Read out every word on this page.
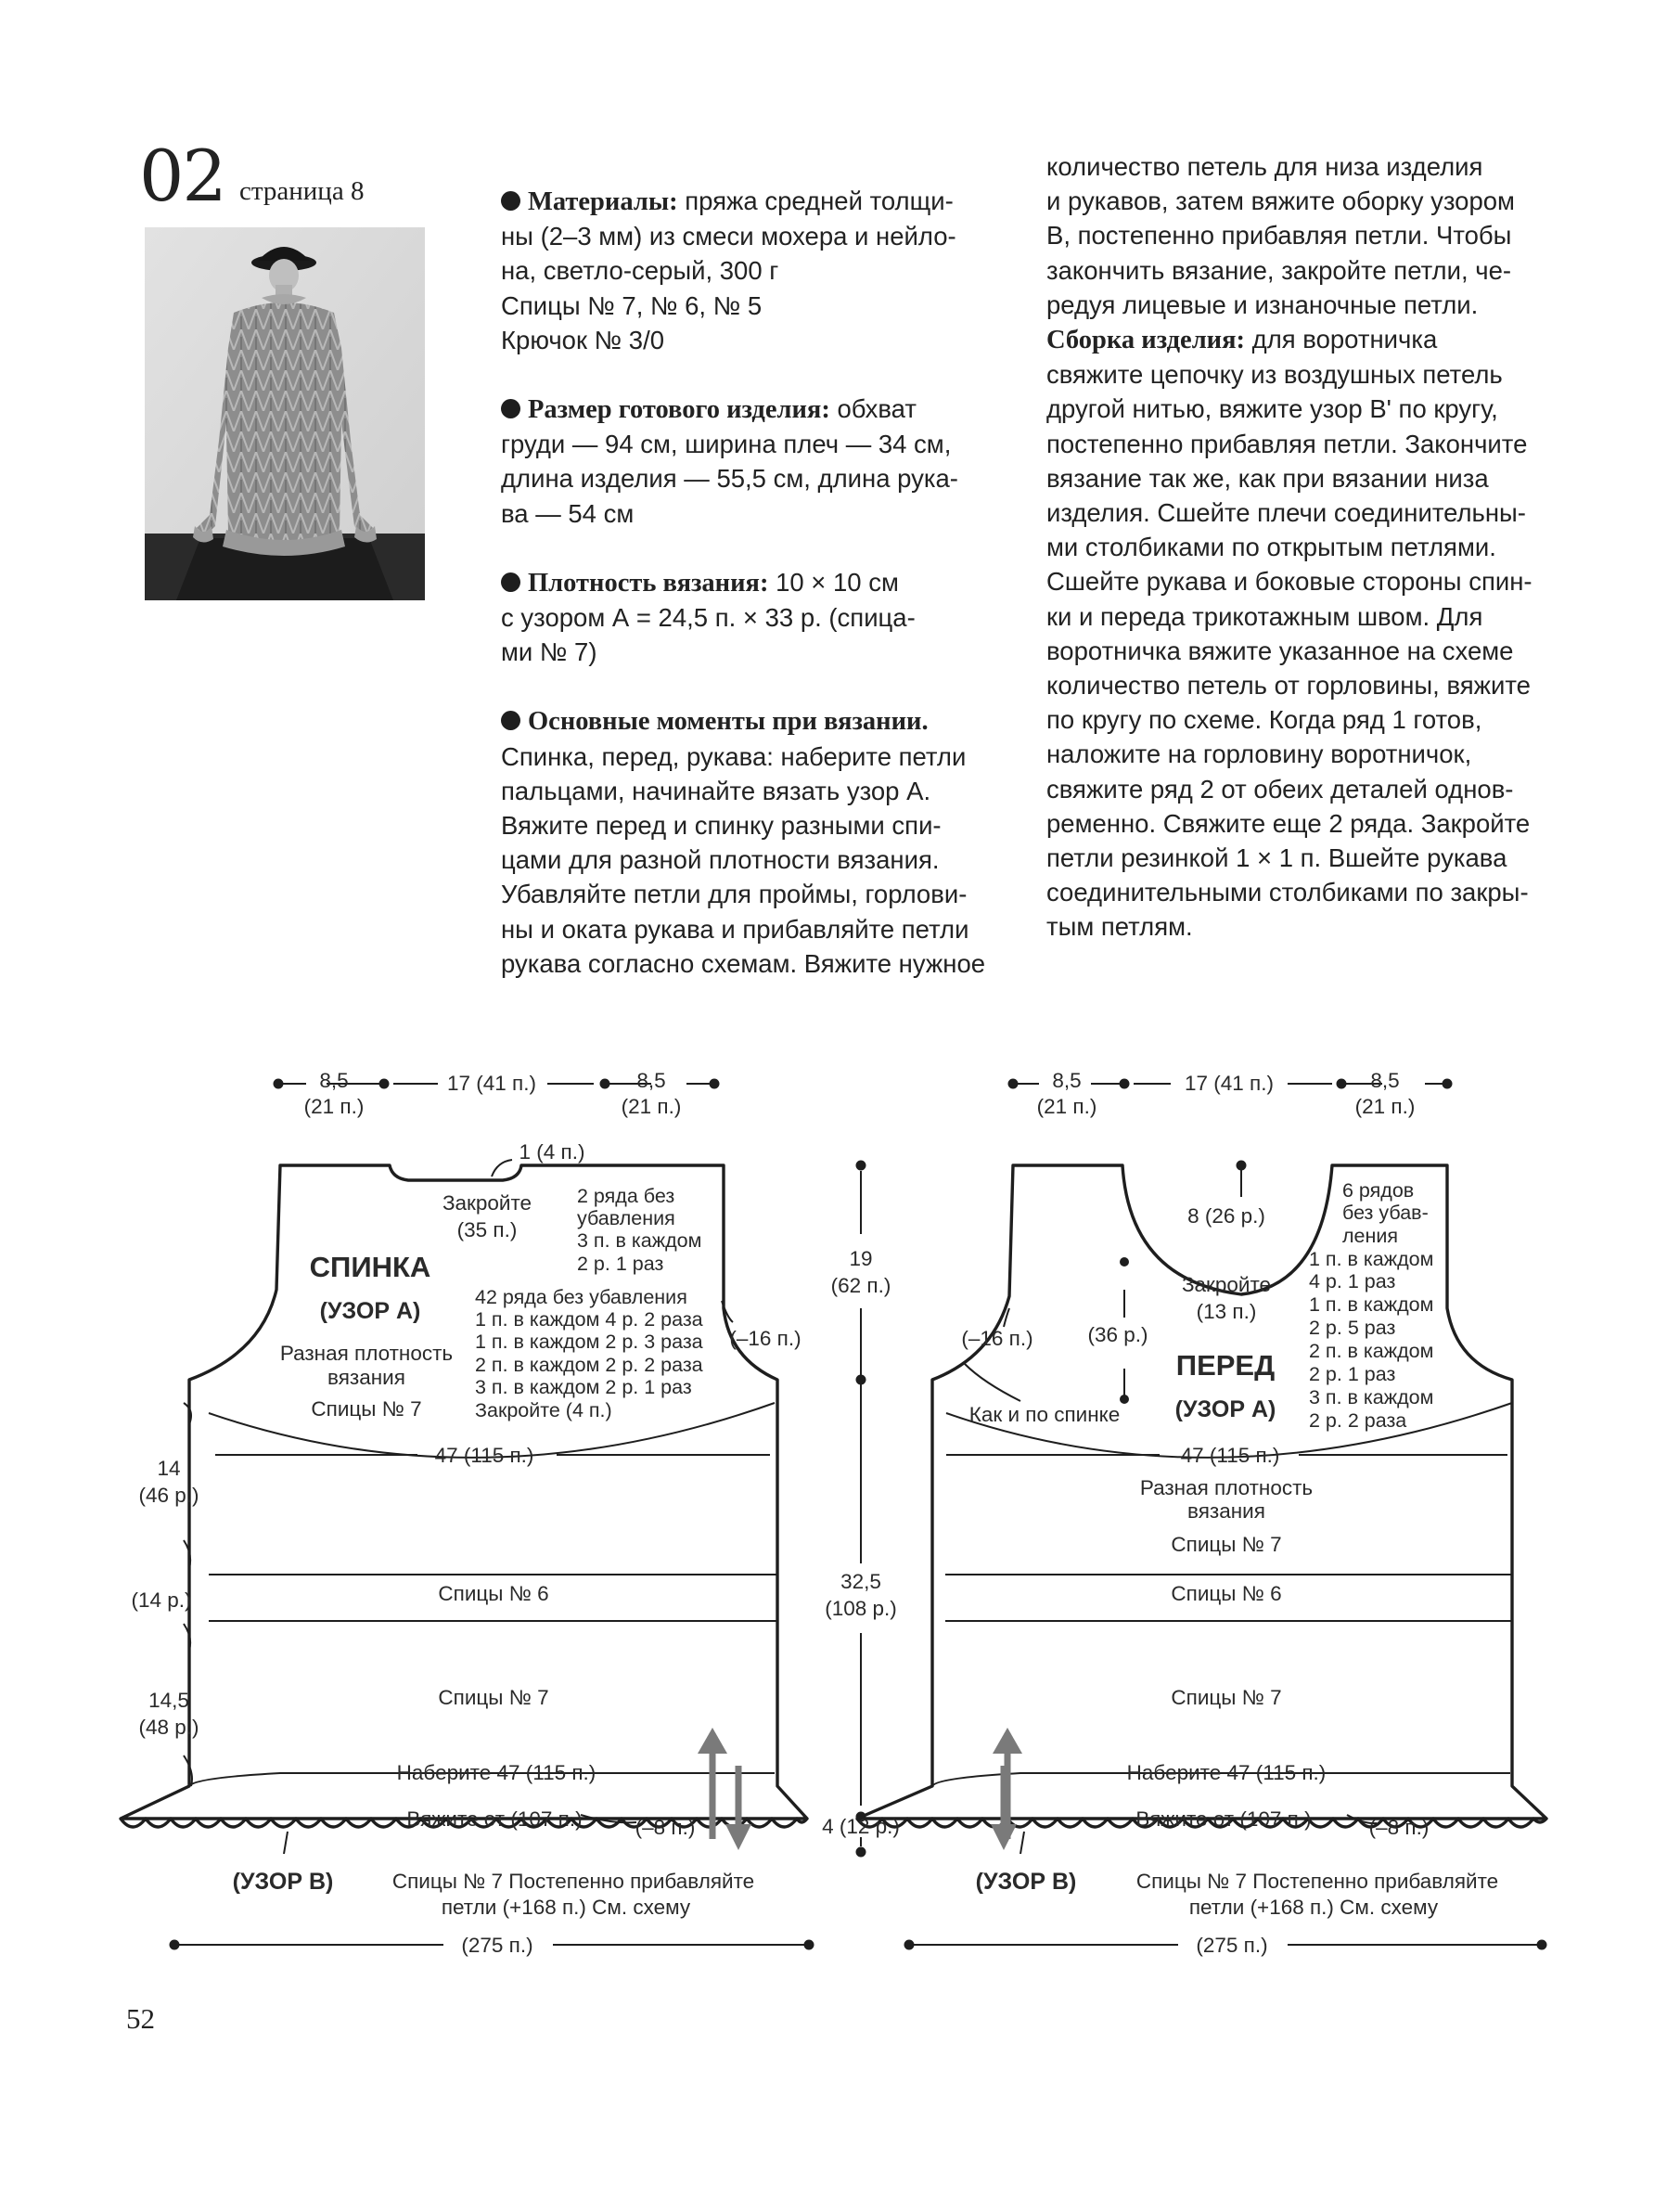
02 страница 8	Материалы: пряжа средней толщи-
ны (2–3 мм) из смеси мохера и нейло-
на, светло-серый, 300 г
Спицы № 7, № 6, № 5
Крючок № 3/0

Размер готового изделия: обхват
груди — 94 см, ширина плеч — 34 см,
длина изделия — 55,5 см, длина рука-
ва — 54 см

Плотность вязания: 10 × 10 см
с узором А = 24,5 п. × 33 р. (спица-
ми № 7)

Основные моменты при вязании.
Спинка, перед, рукава: наберите петли
пальцами, начинайте вязать узор А.
Вяжите перед и спинку разными спи-
цами для разной плотности вязания.
Убавляйте петли для проймы, горлови-
ны и оката рукава и прибавляйте петли
рукава согласно схемам. Вяжите нужное

количество петель для низа изделия
и рукавов, затем вяжите оборку узором
В, постепенно прибавляя петли. Чтобы
закончить вязание, закройте петли, че-
редуя лицевые и изнаночные петли.

Сборка изделия: для воротничка
свяжите цепочку из воздушных петель
другой нитью, вяжите узор В' по кругу,
постепенно прибавляя петли. Закончите
вязание так же, как при вязании низа
изделия. Сшейте плечи соединительны-
ми столбиками по открытым петлями.
Сшейте рукава и боковые стороны спин-
ки и переда трикотажным швом. Для
воротничка вяжите указанное на схеме
количество петель от горловины, вяжите
по кругу по схеме. Когда ряд 1 готов,
наложите на горловину воротничок,
свяжите ряд 2 от обеих деталей однов-
ременно. Свяжите еще 2 ряда. Закройте
петли резинкой 1 × 1 п. Вшейте рукава
соединительными столбиками по закры-
тым петлям.

8,5
(21 п.)
17 (41 п.)	8,5
(21 п.)
1 (4 п.)
Закройте
(35 п.)
(–16 п.)
(–16 п.)
вязания
Разная плотность
Спицы № 7
47 (115 п.)
14
(46 р.)
(14 р.)
14,5
(48 р.)
Спицы № 6
Спицы № 7
Наберите 47 (115 п.)
Вяжите от (107 п.)	(–8 п.)
Спицы № 7 Постепенно прибавляйте
петли (+168 п.) См. схему
(275 п.)
2 ряда без
убавления
3 п. в каждом
2 р. 1 раз
42 ряда без убавления
1 п. в каждом 4 р. 2 раза
1 п. в каждом 2 р. 3 раза
2 п. в каждом 2 р. 2 раза
3 п. в каждом 2 р. 1 раз
Закройте (4 п.)
СПИНКА
(УЗОР А)
(УЗОР В)
19
(62 п.)
32,5
(108 р.)
4 (12 р.)
8,5
(21 п.)
17 (41 п.)	8,5
(21 п.)
8 (26 р.)
Закройте
(13 п.)
(36 р.)
Как и по спинке
47 (115 п.)
Разная плотность
вязания
Спицы № 7
Спицы № 6
Спицы № 7
Наберите 47 (115 п.)
Вяжите от (107 п.)	(–8 п.)
Спицы № 7 Постепенно прибавляйте
петли (+168 п.) См. схему
(275 п.)
6 рядов
без убав-
ления
1 п. в каждом
4 р. 1 раз
1 п. в каждом
2 р. 5 раз
2 п. в каждом
2 р. 1 раз
3 п. в каждом
2 р. 2 раза
ПЕРЕД
(УЗОР А)
(УЗОР В)
52
